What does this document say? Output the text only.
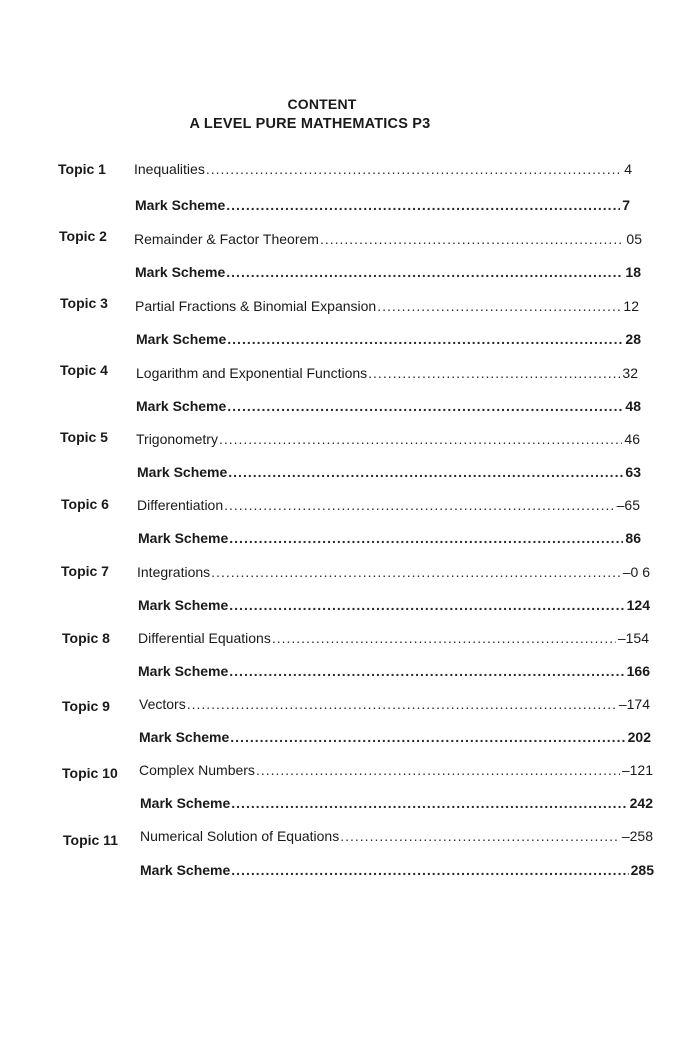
CONTENT
A LEVEL PURE MATHEMATICS P3
Topic 1 Inequalities .....	4
Mark Scheme .....	7
Topic 2 Remainder & Factor Theorem .....	05
Mark Scheme .....	18
Topic 3 Partial Fractions & Binomial Expansion .....	12
Mark Scheme .....	28
Topic 4 Logarithm and Exponential Functions .....	32
Mark Scheme .....	48
Topic 5 Trigonometry .....	46
Mark Scheme .....	63
Topic 6 Differentiation .....	–65
Mark Scheme .....	86
Topic 7 Integrations .....	–0 6
Mark Scheme .....	124
Topic 8 Differential Equations .....	–154
Mark Scheme .....	166
Topic 9 Vectors .....	–174
Mark Scheme .....	202
Topic 10 Complex Numbers .....	–121
Mark Scheme .....	242
Topic 11 Numerical Solution of Equations .....	–258
Mark Scheme .....	285
